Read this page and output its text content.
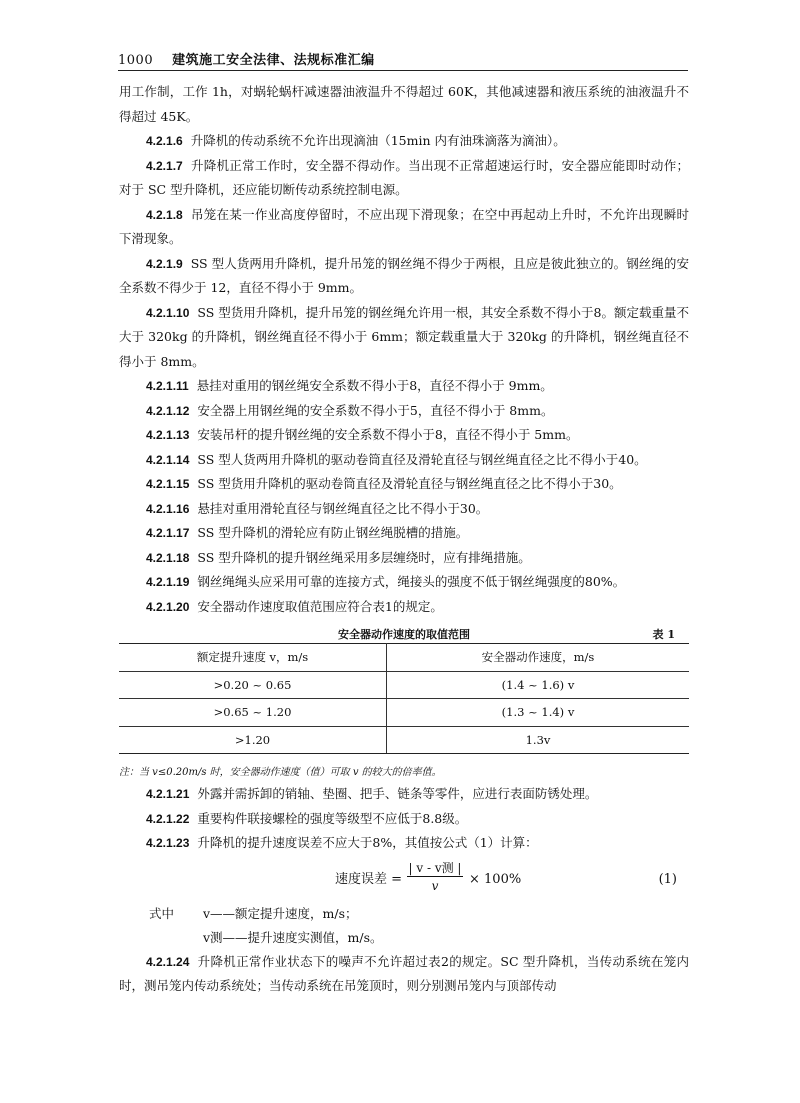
1000 建筑施工安全法律、法规标准汇编

用工作制，工作 1h，对蜗轮蜗杆减速器油液温升不得超过 60K，其他减速器和液压系统的油液温升不得超过 45K。

4.2.1.6 升降机的传动系统不允许出现滴油（15min 内有油珠滴落为滴油）。

4.2.1.7 升降机正常工作时，安全器不得动作。当出现不正常超速运行时，安全器应能即时动作；对于 SC 型升降机，还应能切断传动系统控制电源。

4.2.1.8 吊笼在某一作业高度停留时，不应出现下滑现象；在空中再起动上升时，不允许出现瞬时下滑现象。

4.2.1.9 SS 型人货两用升降机，提升吊笼的钢丝绳不得少于两根，且应是彼此独立的。钢丝绳的安全系数不得少于 12，直径不得小于 9mm。

4.2.1.10 SS 型货用升降机，提升吊笼的钢丝绳允许用一根，其安全系数不得小于8。额定载重量不大于 320kg 的升降机，钢丝绳直径不得小于 6mm；额定载重量大于 320kg 的升降机，钢丝绳直径不得小于 8mm。

4.2.1.11 悬挂对重用的钢丝绳安全系数不得小于8，直径不得小于 9mm。

4.2.1.12 安全器上用钢丝绳的安全系数不得小于5，直径不得小于 8mm。

4.2.1.13 安装吊杆的提升钢丝绳的安全系数不得小于8，直径不得小于 5mm。

4.2.1.14 SS 型人货两用升降机的驱动卷筒直径及滑轮直径与钢丝绳直径之比不得小于40。

4.2.1.15 SS 型货用升降机的驱动卷筒直径及滑轮直径与钢丝绳直径之比不得小于30。

4.2.1.16 悬挂对重用滑轮直径与钢丝绳直径之比不得小于30。

4.2.1.17 SS 型升降机的滑轮应有防止钢丝绳脱槽的措施。

4.2.1.18 SS 型升降机的提升钢丝绳采用多层缠绕时，应有排绳措施。

4.2.1.19 钢丝绳绳头应采用可靠的连接方式，绳接头的强度不低于钢丝绳强度的80%。

4.2.1.20 安全器动作速度取值范围应符合表1的规定。

安全器动作速度的取值范围	表 1
额定提升速度 v，m/s	安全器动作速度，m/s
>0.20 ~ 0.65	(1.4 ~ 1.6) v
>0.65 ~ 1.20	(1.3 ~ 1.4) v
>1.20	1.3v
注：当 v≤0.20m/s 时，安全器动作速度（值）可取 v 的较大的倍率值。

4.2.1.21 外露并需拆卸的销轴、垫圈、把手、链条等零件，应进行表面防锈处理。

4.2.1.22 重要构件联接螺栓的强度等级型不应低于8.8级。

4.2.1.23 升降机的提升速度误差不应大于8%，其值按公式（1）计算：

速度误差 =
| v - v测 |
v	× 100%	(1)
式中 v——额定提升速度，m/s；
v测——提升速度实测值，m/s。

4.2.1.24 升降机正常作业状态下的噪声不允许超过表2的规定。SC 型升降机，当传动系统在笼内时，测吊笼内传动系统处；当传动系统在吊笼顶时，则分别测吊笼内与顶部传动
